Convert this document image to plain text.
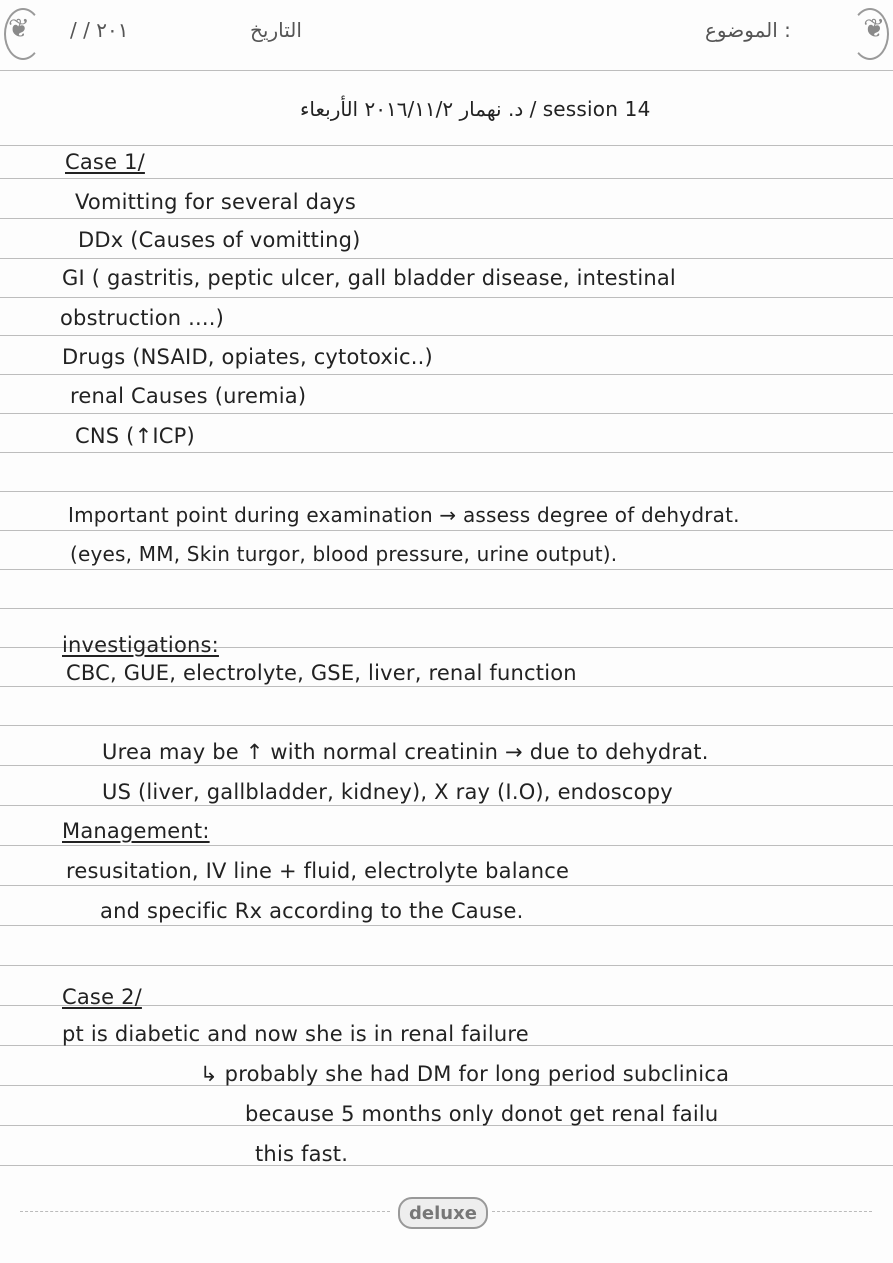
❦	❦
/ / ٢٠١	التاريخ	الموضوع :
د. نهمار ٢٠١٦/١١/٢ الأربعاء / session 14
Case 1/
Vomitting for several days
DDx (Causes of vomitting)
GI ( gastritis, peptic ulcer, gall bladder disease, intestinal
obstruction ....)
Drugs (NSAID, opiates, cytotoxic..)
renal Causes (uremia)
CNS (↑ICP)
Important point during examination → assess degree of dehydrat.
(eyes, MM, Skin turgor, blood pressure, urine output).
investigations:
CBC, GUE, electrolyte, GSE, liver, renal function
Urea may be ↑ with normal creatinin → due to dehydrat.
US (liver, gallbladder, kidney), X ray (I.O), endoscopy
Management:
resusitation, IV line + fluid, electrolyte balance
and specific Rx according to the Cause.
Case 2/
pt is diabetic and now she is in renal failure
↳ probably she had DM for long period subclinica
because 5 months only donot get renal failu
this fast.
deluxe
